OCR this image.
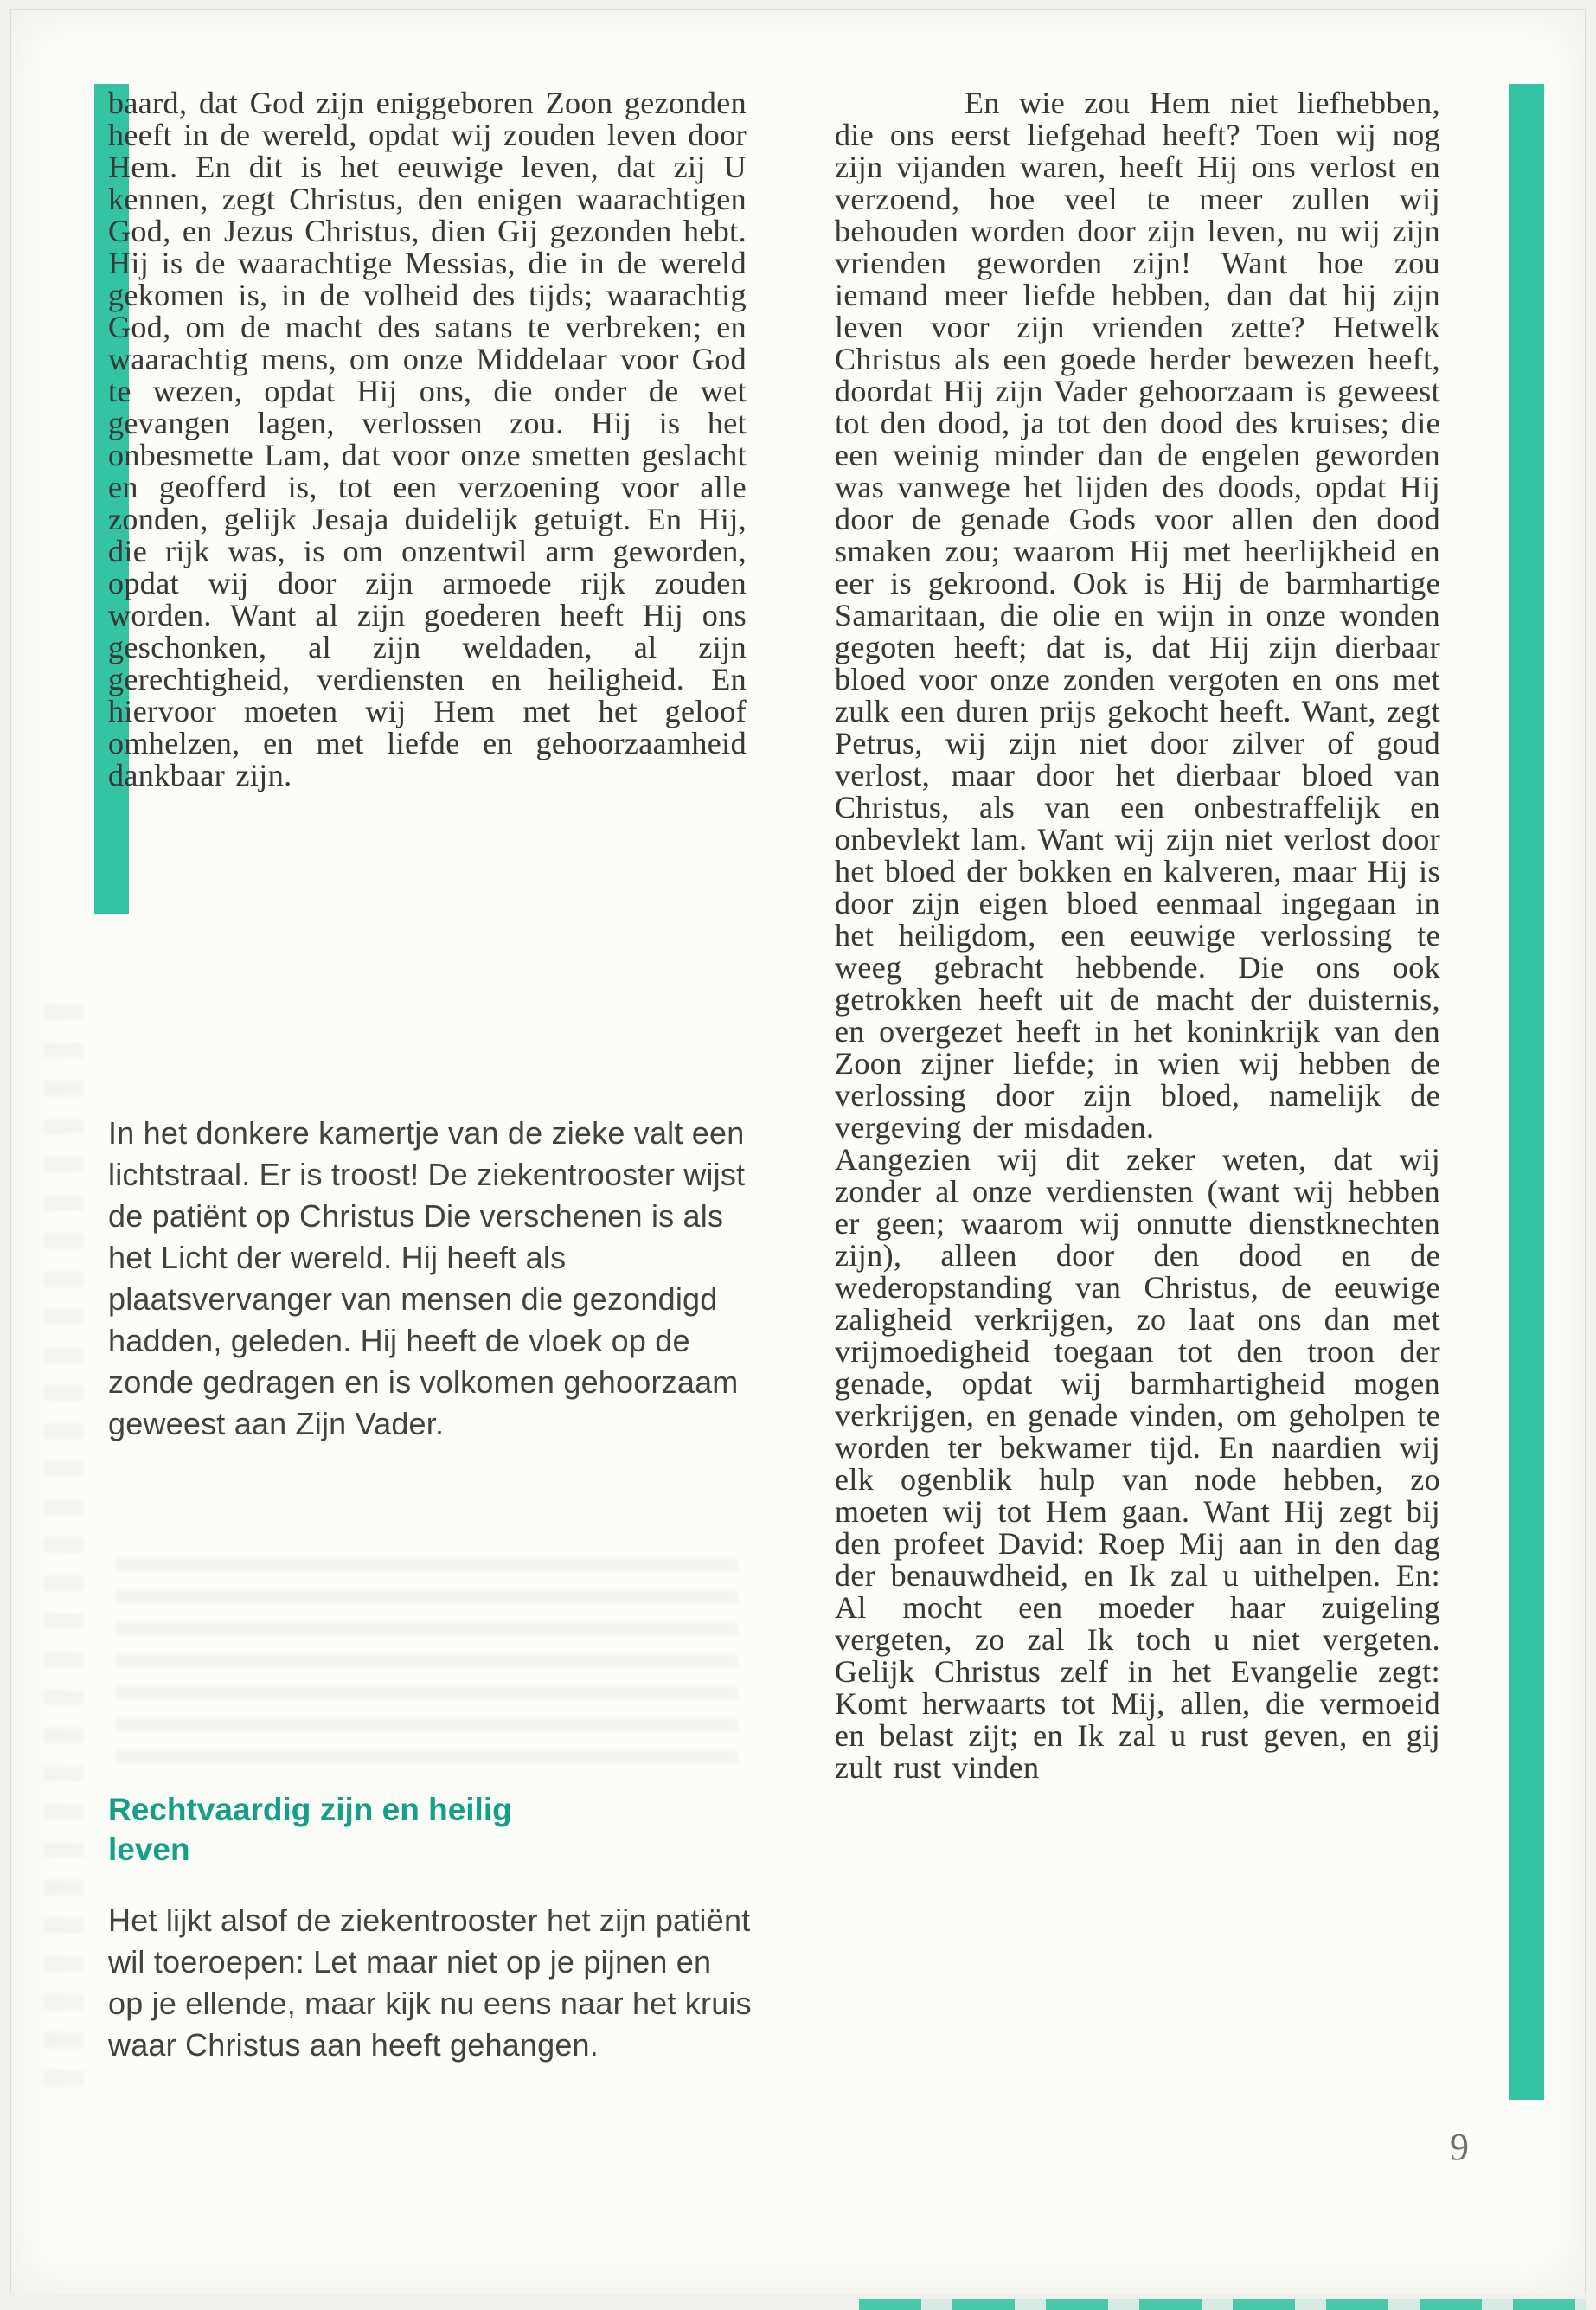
baard, dat God zijn eniggeboren Zoon gezonden heeft in de wereld, opdat wij zouden leven door Hem. En dit is het eeuwige leven, dat zij U kennen, zegt Christus, den enigen waarachtigen God, en Jezus Christus, dien Gij gezonden hebt. Hij is de waarachtige Messias, die in de wereld gekomen is, in de volheid des tijds; waarachtig God, om de macht des satans te verbreken; en waarachtig mens, om onze Middelaar voor God te wezen, opdat Hij ons, die onder de wet gevangen lagen, verlossen zou. Hij is het onbesmette Lam, dat voor onze smetten geslacht en geofferd is, tot een verzoening voor alle zonden, gelijk Jesaja duidelijk getuigt. En Hij, die rijk was, is om onzentwil arm geworden, opdat wij door zijn armoede rijk zouden worden. Want al zijn goederen heeft Hij ons geschonken, al zijn weldaden, al zijn gerechtigheid, verdiensten en heiligheid. En hiervoor moeten wij Hem met het geloof omhelzen, en met liefde en gehoorzaamheid dankbaar zijn.
In het donkere kamertje van de zieke valt een lichtstraal. Er is troost! De ziekentrooster wijst de patiënt op Christus Die verschenen is als het Licht der wereld. Hij heeft als plaatsvervanger van mensen die gezondigd hadden, geleden. Hij heeft de vloek op de zonde gedragen en is volkomen gehoorzaam geweest aan Zijn Vader.
Rechtvaardig zijn en heilig leven
Het lijkt alsof de ziekentrooster het zijn patiënt wil toeroepen: Let maar niet op je pijnen en op je ellende, maar kijk nu eens naar het kruis waar Christus aan heeft gehangen.

En wie zou Hem niet liefhebben, die ons eerst liefgehad heeft? Toen wij nog zijn vijanden waren, heeft Hij ons verlost en verzoend, hoe veel te meer zullen wij behouden worden door zijn leven, nu wij zijn vrienden geworden zijn! Want hoe zou iemand meer liefde hebben, dan dat hij zijn leven voor zijn vrienden zette? Hetwelk Christus als een goede herder bewezen heeft, doordat Hij zijn Vader gehoorzaam is geweest tot den dood, ja tot den dood des kruises; die een weinig minder dan de engelen geworden was vanwege het lijden des doods, opdat Hij door de genade Gods voor allen den dood smaken zou; waarom Hij met heerlijkheid en eer is gekroond. Ook is Hij de barmhartige Samaritaan, die olie en wijn in onze wonden gegoten heeft; dat is, dat Hij zijn dierbaar bloed voor onze zonden vergoten en ons met zulk een duren prijs gekocht heeft. Want, zegt Petrus, wij zijn niet door zilver of goud verlost, maar door het dierbaar bloed van Christus, als van een onbestraffelijk en onbevlekt lam. Want wij zijn niet verlost door het bloed der bokken en kalveren, maar Hij is door zijn eigen bloed eenmaal ingegaan in het heiligdom, een eeuwige verlossing te weeg gebracht hebbende. Die ons ook getrokken heeft uit de macht der duisternis, en overgezet heeft in het koninkrijk van den Zoon zijner liefde; in wien wij hebben de verlossing door zijn bloed, namelijk de vergeving der misdaden.

Aangezien wij dit zeker weten, dat wij zonder al onze verdiensten (want wij hebben er geen; waarom wij onnutte dienstknechten zijn), alleen door den dood en de wederopstanding van Christus, de eeuwige zaligheid verkrijgen, zo laat ons dan met vrijmoedigheid toegaan tot den troon der genade, opdat wij barmhartigheid mogen verkrijgen, en genade vinden, om geholpen te worden ter bekwamer tijd. En naardien wij elk ogenblik hulp van node hebben, zo moeten wij tot Hem gaan. Want Hij zegt bij den profeet David: Roep Mij aan in den dag der benauwdheid, en Ik zal u uithelpen. En: Al mocht een moeder haar zuigeling vergeten, zo zal Ik toch u niet vergeten. Gelijk Christus zelf in het Evangelie zegt: Komt herwaarts tot Mij, allen, die vermoeid en belast zijt; en Ik zal u rust geven, en gij zult rust vinden

9
